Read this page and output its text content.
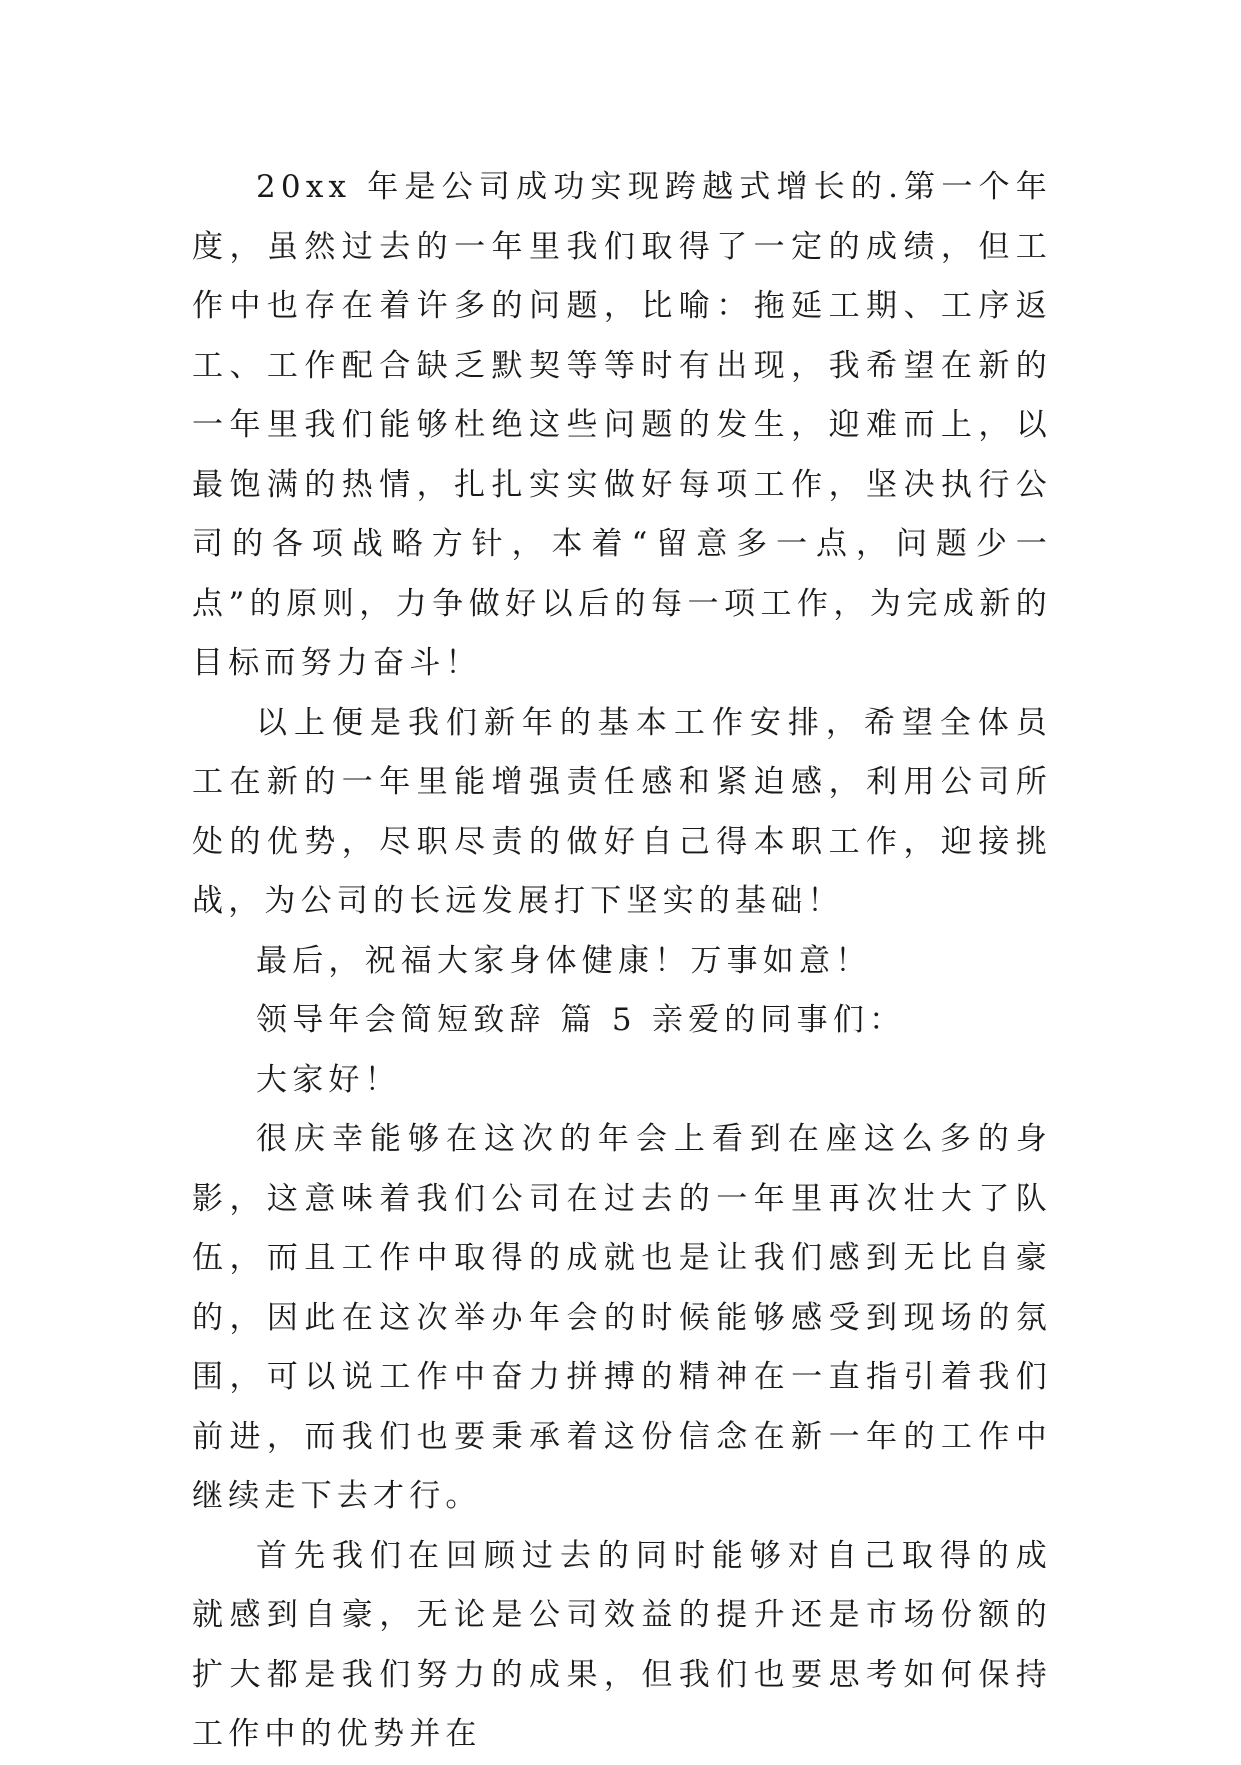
20xx 年是公司成功实现跨越式增长的.第一个年度，虽然过去的一年里我们取得了一定的成绩，但工作中也存在着许多的问题，比喻：拖延工期、工序返工、工作配合缺乏默契等等时有出现，我希望在新的一年里我们能够杜绝这些问题的发生，迎难而上，以最饱满的热情，扎扎实实做好每项工作，坚决执行公司的各项战略方针，本着“留意多一点，问题少一点”的原则，力争做好以后的每一项工作，为完成新的目标而努力奋斗！

以上便是我们新年的基本工作安排，希望全体员工在新的一年里能增强责任感和紧迫感，利用公司所处的优势，尽职尽责的做好自己得本职工作，迎接挑战，为公司的长远发展打下坚实的基础！

最后，祝福大家身体健康！万事如意！

领导年会简短致辞 篇 5 亲爱的同事们：

大家好！

很庆幸能够在这次的年会上看到在座这么多的身影，这意味着我们公司在过去的一年里再次壮大了队伍，而且工作中取得的成就也是让我们感到无比自豪的，因此在这次举办年会的时候能够感受到现场的氛围，可以说工作中奋力拼搏的精神在一直指引着我们前进，而我们也要秉承着这份信念在新一年的工作中继续走下去才行。

首先我们在回顾过去的同时能够对自己取得的成就感到自豪，无论是公司效益的提升还是市场份额的扩大都是我们努力的成果，但我们也要思考如何保持工作中的优势并在
